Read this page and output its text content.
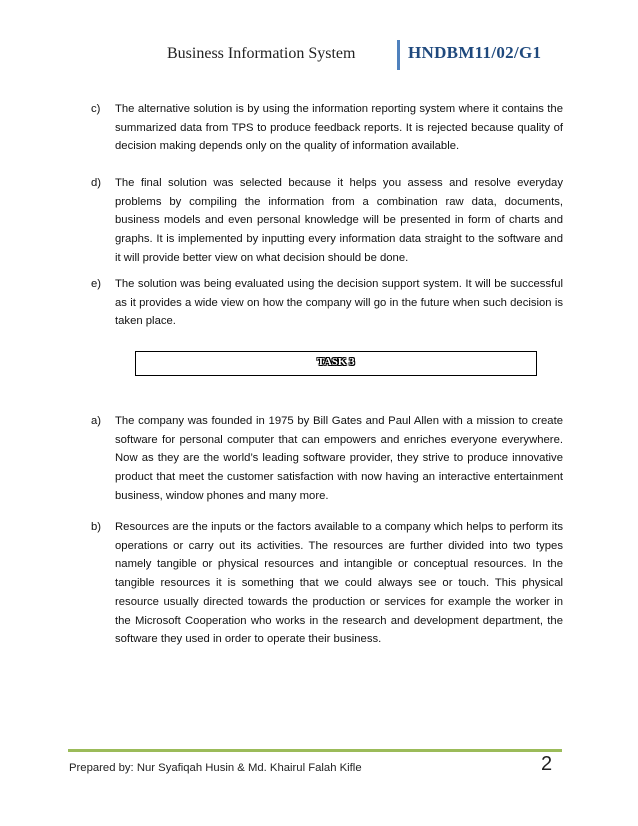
Business Information System	HNDBM11/02/G1
c) The alternative solution is by using the information reporting system where it contains the summarized data from TPS to produce feedback reports. It is rejected because quality of decision making depends only on the quality of information available.
d) The final solution was selected because it helps you assess and resolve everyday problems by compiling the information from a combination raw data, documents, business models and even personal knowledge will be presented in form of charts and graphs. It is implemented by inputting every information data straight to the software and it will provide better view on what decision should be done.
e) The solution was being evaluated using the decision support system. It will be successful as it provides a wide view on how the company will go in the future when such decision is taken place.
TASK 3
a) The company was founded in 1975 by Bill Gates and Paul Allen with a mission to create software for personal computer that can empowers and enriches everyone everywhere. Now as they are the world’s leading software provider, they strive to produce innovative product that meet the customer satisfaction with now having an interactive entertainment business, window phones and many more.
b) Resources are the inputs or the factors available to a company which helps to perform its operations or carry out its activities. The resources are further divided into two types namely tangible or physical resources and intangible or conceptual resources. In the tangible resources it is something that we could always see or touch. This physical resource usually directed towards the production or services for example the worker in the Microsoft Cooperation who works in the research and development department, the software they used in order to operate their business.
Prepared by: Nur Syafiqah Husin & Md. Khairul Falah Kifle	2
